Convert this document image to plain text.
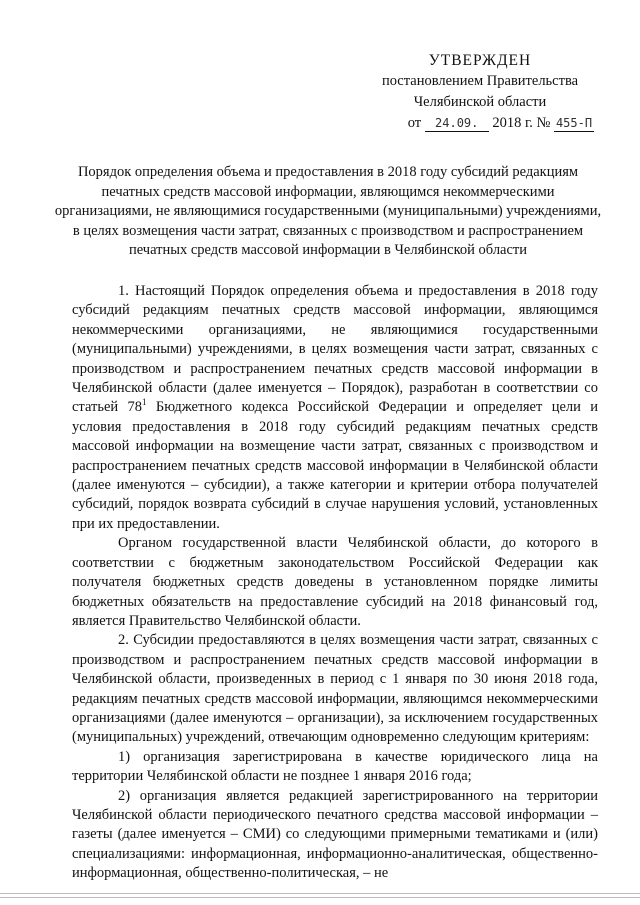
УТВЕРЖДЕН
постановлением Правительства
Челябинской области
от 24.09. 2018 г. № 455-П
Порядок определения объема и предоставления в 2018 году субсидий редакциям печатных средств массовой информации, являющимся некоммерческими организациями, не являющимися государственными (муниципальными) учреждениями, в целях возмещения части затрат, связанных с производством и распространением печатных средств массовой информации в Челябинской области

1. Настоящий Порядок определения объема и предоставления в 2018 году субсидий редакциям печатных средств массовой информации, являющимся некоммерческими организациями, не являющимися государственными (муниципальными) учреждениями, в целях возмещения части затрат, связанных с производством и распространением печатных средств массовой информации в Челябинской области (далее именуется – Порядок), разработан в соответствии со статьей $78^1$ Бюджетного кодекса Российской Федерации и определяет цели и условия предоставления в 2018 году субсидий редакциям печатных средств массовой информации на возмещение части затрат, связанных с производством и распространением печатных средств массовой информации в Челябинской области (далее именуются – субсидии), а также категории и критерии отбора получателей субсидий, порядок возврата субсидий в случае нарушения условий, установленных при их предоставлении.

Органом государственной власти Челябинской области, до которого в соответствии с бюджетным законодательством Российской Федерации как получателя бюджетных средств доведены в установленном порядке лимиты бюджетных обязательств на предоставление субсидий на 2018 финансовый год, является Правительство Челябинской области.

2. Субсидии предоставляются в целях возмещения части затрат, связанных с производством и распространением печатных средств массовой информации в Челябинской области, произведенных в период с 1 января по 30 июня 2018 года, редакциям печатных средств массовой информации, являющимся некоммерческими организациями (далее именуются – организации), за исключением государственных (муниципальных) учреждений, отвечающим одновременно следующим критериям:

1) организация зарегистрирована в качестве юридического лица на территории Челябинской области не позднее 1 января 2016 года;

2) организация является редакцией зарегистрированного на территории Челябинской области периодического печатного средства массовой информации – газеты (далее именуется – СМИ) со следующими примерными тематиками и (или) специализациями: информационная, информационно-аналитическая, общественно-информационная, общественно-политическая, – не
